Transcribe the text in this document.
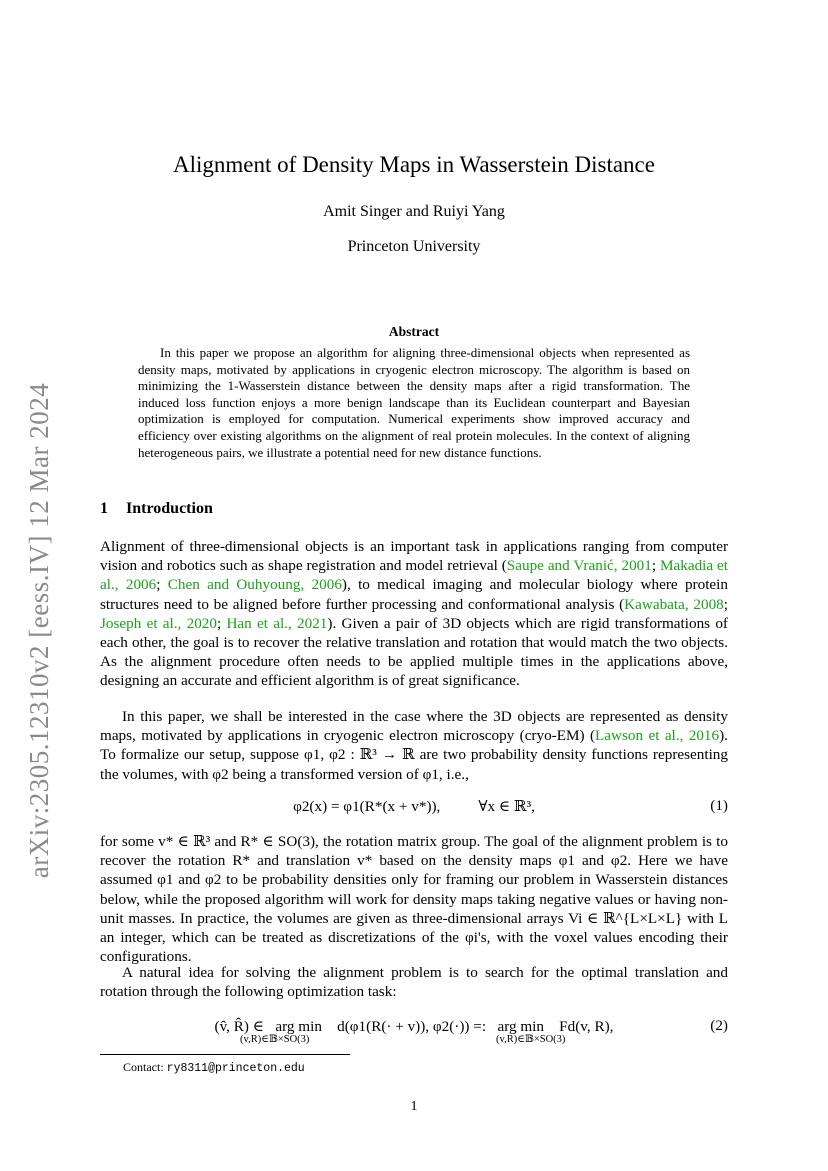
arXiv:2305.12310v2 [eess.IV] 12 Mar 2024
Alignment of Density Maps in Wasserstein Distance
Amit Singer and Ruiyi Yang
Princeton University
Abstract
In this paper we propose an algorithm for aligning three-dimensional objects when represented as density maps, motivated by applications in cryogenic electron microscopy. The algorithm is based on minimizing the 1-Wasserstein distance between the density maps after a rigid transformation. The induced loss function enjoys a more benign landscape than its Euclidean counterpart and Bayesian optimization is employed for computation. Numerical experiments show improved accuracy and efficiency over existing algorithms on the alignment of real protein molecules. In the context of aligning heterogeneous pairs, we illustrate a potential need for new distance functions.
1 Introduction
Alignment of three-dimensional objects is an important task in applications ranging from computer vision and robotics such as shape registration and model retrieval (Saupe and Vranić, 2001; Makadia et al., 2006; Chen and Ouhyoung, 2006), to medical imaging and molecular biology where protein structures need to be aligned before further processing and conformational analysis (Kawabata, 2008; Joseph et al., 2020; Han et al., 2021). Given a pair of 3D objects which are rigid transformations of each other, the goal is to recover the relative translation and rotation that would match the two objects. As the alignment procedure often needs to be applied multiple times in the applications above, designing an accurate and efficient algorithm is of great significance.
In this paper, we shall be interested in the case where the 3D objects are represented as density maps, motivated by applications in cryogenic electron microscopy (cryo-EM) (Lawson et al., 2016). To formalize our setup, suppose φ1, φ2 : ℝ³ → ℝ are two probability density functions representing the volumes, with φ2 being a transformed version of φ1, i.e.,
φ2(x) = φ1(R*(x + v*)),          ∀x ∈ ℝ³,	(1)
for some v* ∈ ℝ³ and R* ∈ SO(3), the rotation matrix group. The goal of the alignment problem is to recover the rotation R* and translation v* based on the density maps φ1 and φ2. Here we have assumed φ1 and φ2 to be probability densities only for framing our problem in Wasserstein distances below, while the proposed algorithm will work for density maps taking negative values or having non-unit masses. In practice, the volumes are given as three-dimensional arrays Vi ∈ ℝ^{L×L×L} with L an integer, which can be treated as discretizations of the φi's, with the voxel values encoding their configurations.
A natural idea for solving the alignment problem is to search for the optimal translation and rotation through the following optimization task:
(v̂, R̂) ∈   arg min    d(φ1(R(· + v)), φ2(·)) =:   arg min    Fd(v, R),
(v,R)∈𝔹×SO(3)	(v,R)∈𝔹×SO(3)
(2)
Contact: ry8311@princeton.edu
1
